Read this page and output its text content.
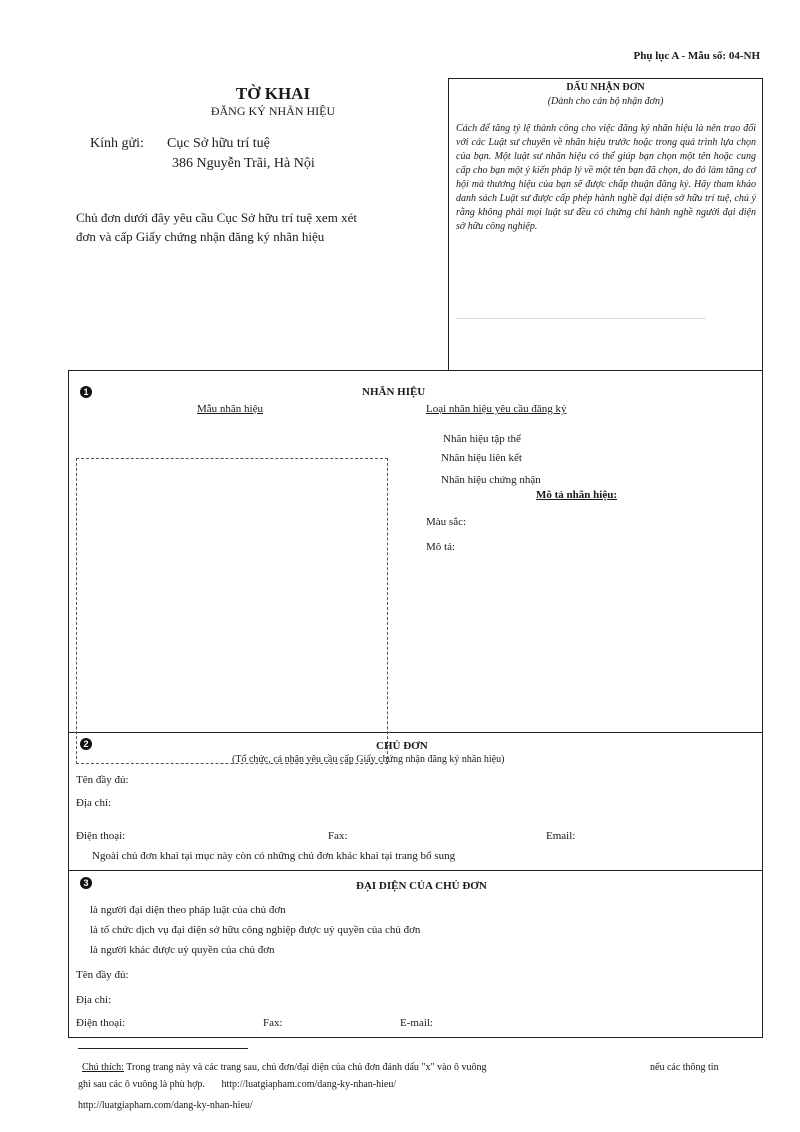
Phụ lục A - Mẫu số: 04-NH
TỜ KHAI
ĐĂNG KÝ NHÃN HIỆU
Kính gửi: Cục Sở hữu trí tuệ
386 Nguyễn Trãi, Hà Nội
Chủ đơn dưới đây yêu cầu Cục Sở hữu trí tuệ xem xét
đơn và cấp Giấy chứng nhận đăng ký nhãn hiệu
DẤU NHẬN ĐƠN
(Dành cho cán bộ nhận đơn)
Cách để tăng tỷ lệ thành công cho việc đăng ký nhãn hiệu là nên trao đổi với các Luật sư chuyên về nhãn hiệu trước hoặc trong quá trình lựa chọn của bạn. Một luật sư nhãn hiệu có thể giúp bạn chọn một tên hoặc cung cấp cho bạn một ý kiến pháp lý về một tên bạn đã chọn, do đó làm tăng cơ hội mà thương hiệu của bạn sẽ được chấp thuận đăng ký. Hãy tham khảo danh sách Luật sư được cấp phép hành nghề đại diện sở hữu trí tuệ, chú ý rằng không phải mọi luật sư đều có chứng chỉ hành nghề người đại diện sở hữu công nghiệp.
1	NHÃN HIỆU
Mẫu nhãn hiệu	Loại nhãn hiệu yêu cầu đăng ký
Nhãn hiệu tập thể
Nhãn hiệu liên kết
Nhãn hiệu chứng nhận
Mô tả nhãn hiệu:
Màu sắc:
Mô tả:
2	CHỦ ĐƠN
(Tổ chức, cá nhân yêu cầu cấp Giấy chứng nhận đăng ký nhãn hiệu)
Tên đầy đủ:
Địa chỉ:
Điện thoại:	Fax:	Email:
Ngoài chủ đơn khai tại mục này còn có những chủ đơn khác khai tại trang bổ sung
3	ĐẠI DIỆN CỦA CHỦ ĐƠN
là người đại diện theo pháp luật của chủ đơn
là tổ chức dịch vụ đại diện sở hữu công nghiệp được uỷ quyền của chủ đơn
là người khác được uỷ quyền của chủ đơn
Tên đầy đủ:
Địa chỉ:
Điện thoại:	Fax:	E-mail:
Chú thích: Trong trang này và các trang sau, chủ đơn/đại diện của chủ đơn đánh dấu "x" vào ô vuông	nếu các thông tin
ghi sau các ô vuông là phù hợp. http://luatgiapham.com/dang-ky-nhan-hieu/
http://luatgiapham.com/dang-ky-nhan-hieu/
